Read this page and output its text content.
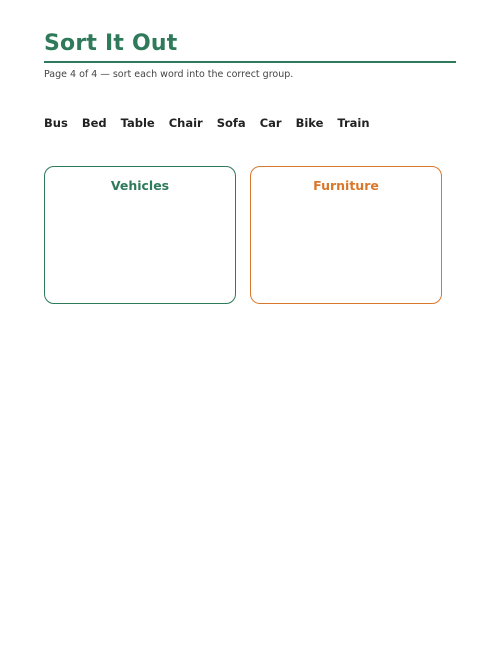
Sort It Out
Page 4 of 4 — sort each word into the correct group.
Bus Bed Table Chair Sofa Car Bike Train
Vehicles	Furniture
